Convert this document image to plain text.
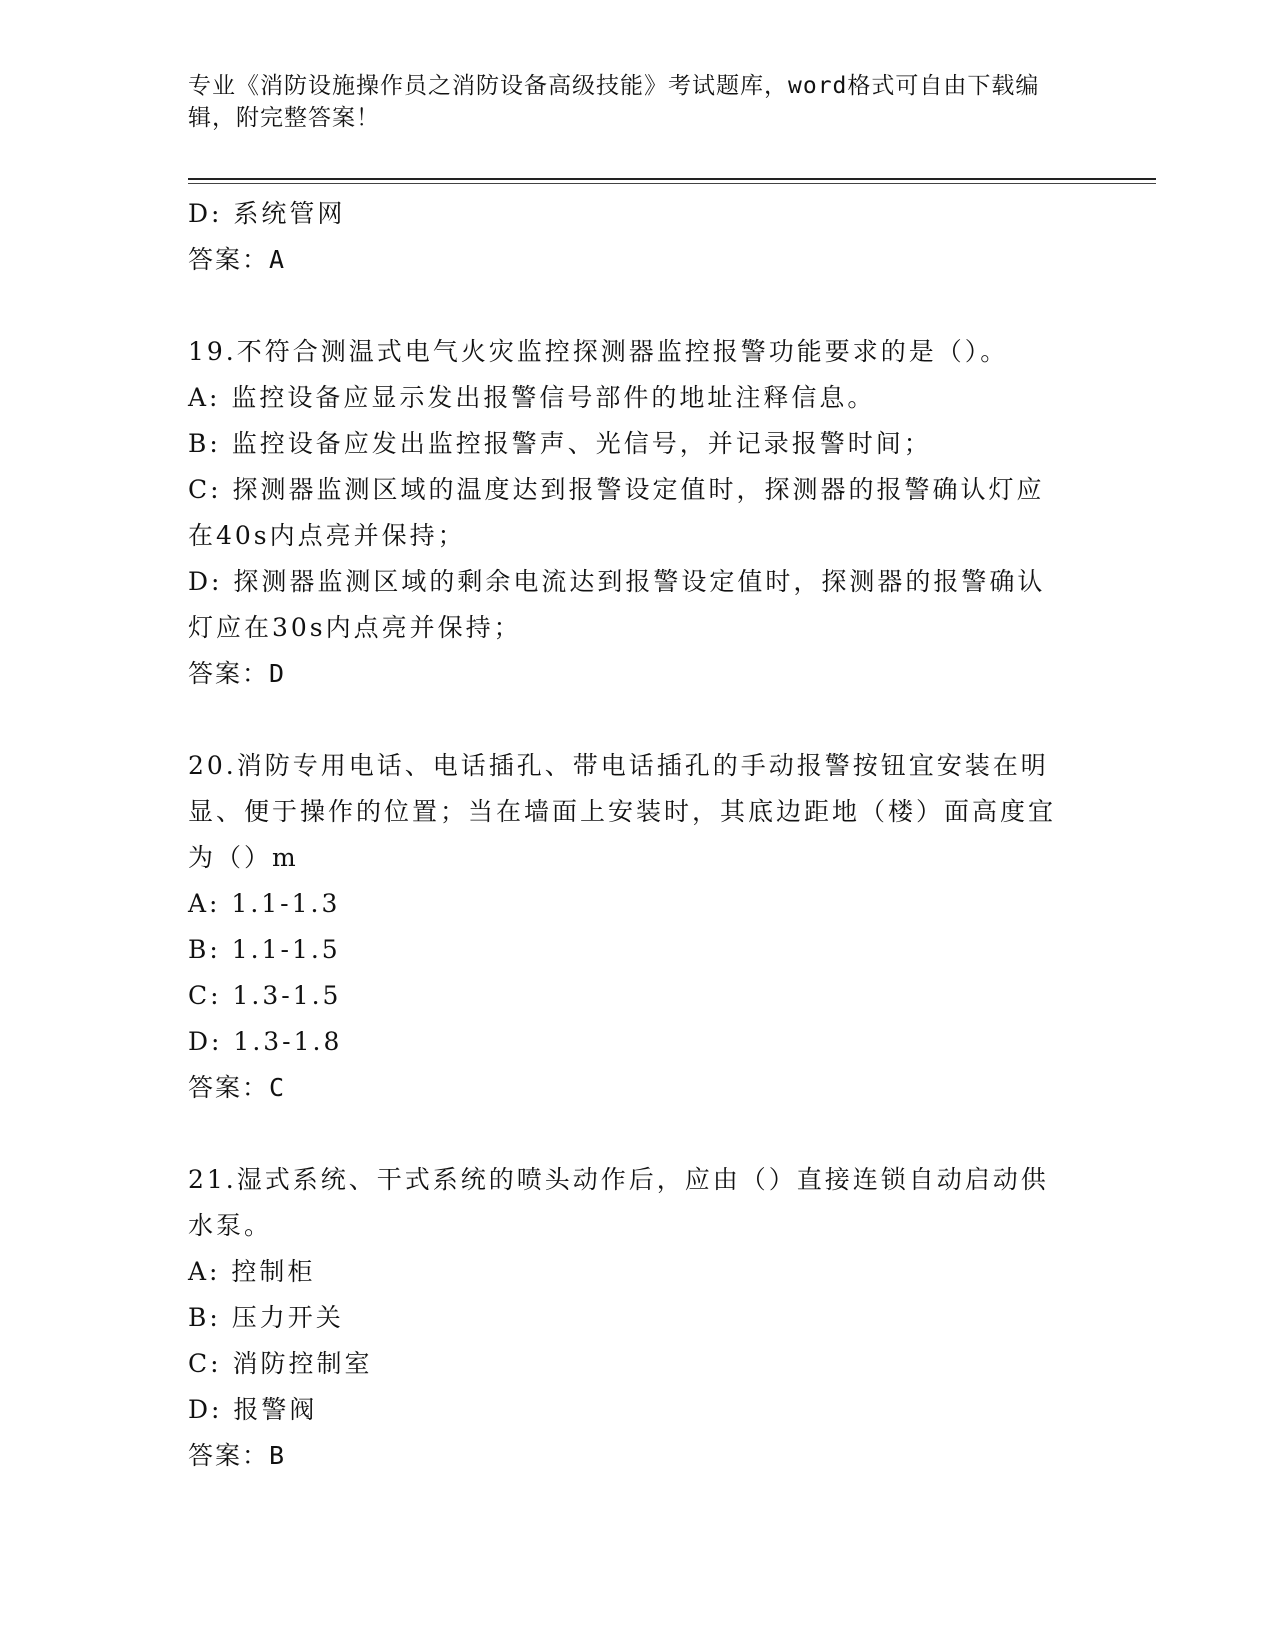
专业《消防设施操作员之消防设备高级技能》考试题库，word格式可自由下载编辑，附完整答案！
D: 系统管网
答案：A
19.不符合测温式电气火灾监控探测器监控报警功能要求的是（）。
A: 监控设备应显示发出报警信号部件的地址注释信息。
B: 监控设备应发出监控报警声、光信号，并记录报警时间；
C: 探测器监测区域的温度达到报警设定值时，探测器的报警确认灯应在40s内点亮并保持；
D: 探测器监测区域的剩余电流达到报警设定值时，探测器的报警确认灯应在30s内点亮并保持；
答案：D
20.消防专用电话、电话插孔、带电话插孔的手动报警按钮宜安装在明显、便于操作的位置；当在墙面上安装时，其底边距地（楼）面高度宜为（）m
A: 1.1-1.3
B: 1.1-1.5
C: 1.3-1.5
D: 1.3-1.8
答案：C
21.湿式系统、干式系统的喷头动作后，应由（）直接连锁自动启动供水泵。
A: 控制柜
B: 压力开关
C: 消防控制室
D: 报警阀
答案：B
